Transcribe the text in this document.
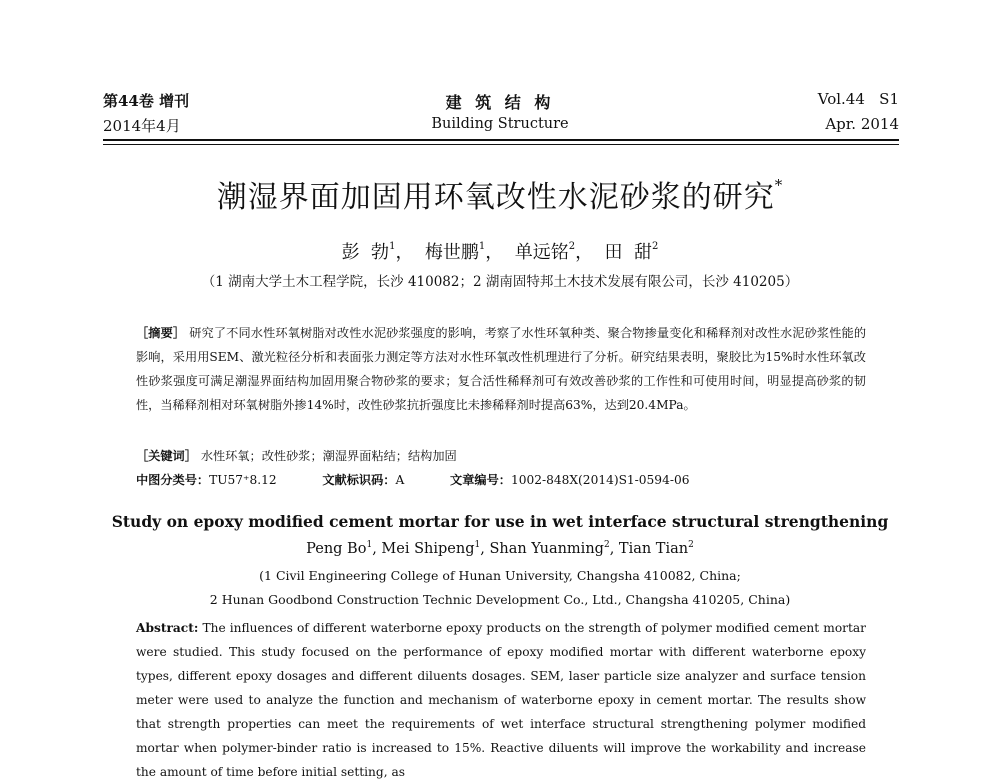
第44卷 增刊
2014年4月
建 筑 结 构
Building Structure
Vol.44   S1
Apr. 2014
潮湿界面加固用环氧改性水泥砂浆的研究*
彭  勃$^1$，  梅世鹏$^1$，  单远铭$^2$，  田  甜$^2$
（1 湖南大学土木工程学院，长沙 410082；2 湖南固特邦土木技术发展有限公司，长沙 410205）
［摘要］ 研究了不同水性环氧树脂对改性水泥砂浆强度的影响，考察了水性环氧种类、聚合物掺量变化和稀释剂对改性水泥砂浆性能的影响，采用用SEM、激光粒径分析和表面张力测定等方法对水性环氧改性机理进行了分析。研究结果表明，聚胶比为15%时水性环氧改性砂浆强度可满足潮湿界面结构加固用聚合物砂浆的要求；复合活性稀释剂可有效改善砂浆的工作性和可使用时间，明显提高砂浆的韧性，当稀释剂相对环氧树脂外掺14%时，改性砂浆抗折强度比未掺稀释剂时提高63%，达到20.4MPa。
［关键词］ 水性环氧；改性砂浆；潮湿界面粘结；结构加固
中图分类号：TU57⁺8.12	文献标识码：A	文章编号：1002-848X(2014)S1-0594-06
Study on epoxy modified cement mortar for use in wet interface structural strengthening
Peng Bo$^1$, Mei Shipeng$^1$, Shan Yuanming$^2$, Tian Tian$^2$
(1 Civil Engineering College of Hunan University, Changsha 410082, China;
2 Hunan Goodbond Construction Technic Development Co., Ltd., Changsha 410205, China)
Abstract: The influences of different waterborne epoxy products on the strength of polymer modified cement mortar were studied. This study focused on the performance of epoxy modified mortar with different waterborne epoxy types, different epoxy dosages and different diluents dosages. SEM, laser particle size analyzer and surface tension meter were used to analyze the function and mechanism of waterborne epoxy in cement mortar. The results show that strength properties can meet the requirements of wet interface structural strengthening polymer modified mortar when polymer-binder ratio is increased to 15%. Reactive diluents will improve the workability and increase the amount of time before initial setting, as
